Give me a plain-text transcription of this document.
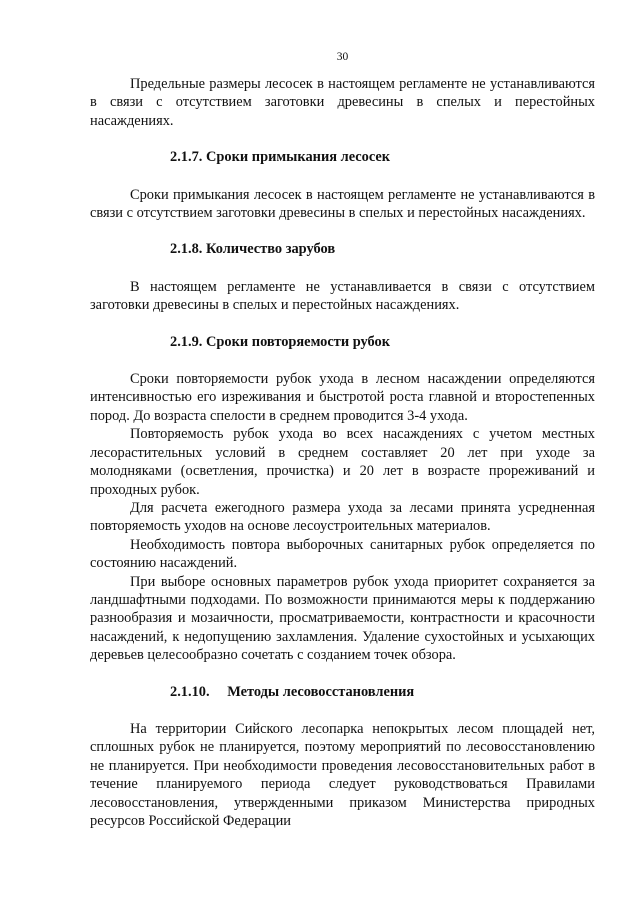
30

Предельные размеры лесосек в настоящем регламенте не устанавливаются в связи с отсутствием заготовки древесины в спелых и перестойных насаждениях.

2.1.7. Сроки примыкания лесосек

Сроки примыкания лесосек в настоящем регламенте не устанавливаются в связи с отсутствием заготовки древесины в спелых и перестойных насаждениях.

2.1.8. Количество зарубов

В настоящем регламенте не устанавливается в связи с отсутствием заготовки древесины в спелых и перестойных насаждениях.

2.1.9. Сроки повторяемости рубок

Сроки повторяемости рубок ухода в лесном насаждении определяются интенсивностью его изреживания и быстротой роста главной и второстепенных пород. До возраста спелости в среднем проводится 3-4 ухода.

Повторяемость рубок ухода во всех насаждениях с учетом местных лесорастительных условий в среднем составляет 20 лет при уходе за молодняками (осветления, прочистка) и 20 лет в возрасте прореживаний и проходных рубок.

Для расчета ежегодного размера ухода за лесами принята усредненная повторяемость уходов на основе лесоустроительных материалов.

Необходимость повтора выборочных санитарных рубок определяется по состоянию насаждений.

При выборе основных параметров рубок ухода приоритет сохраняется за ландшафтными подходами. По возможности принимаются меры к поддержанию разнообразия и мозаичности, просматриваемости, контрастности и красочности насаждений, к недопущению захламления. Удаление сухостойных и усыхающих деревьев целесообразно сочетать с созданием точек обзора.

2.1.10. Методы лесовосстановления

На территории Сийского лесопарка непокрытых лесом площадей нет, сплошных рубок не планируется, поэтому мероприятий по лесовосстановлению не планируется. При необходимости проведения лесовосстановительных работ в течение планируемого периода следует руководствоваться Правилами лесовосстановления, утвержденными приказом Министерства природных ресурсов Российской Федерации
